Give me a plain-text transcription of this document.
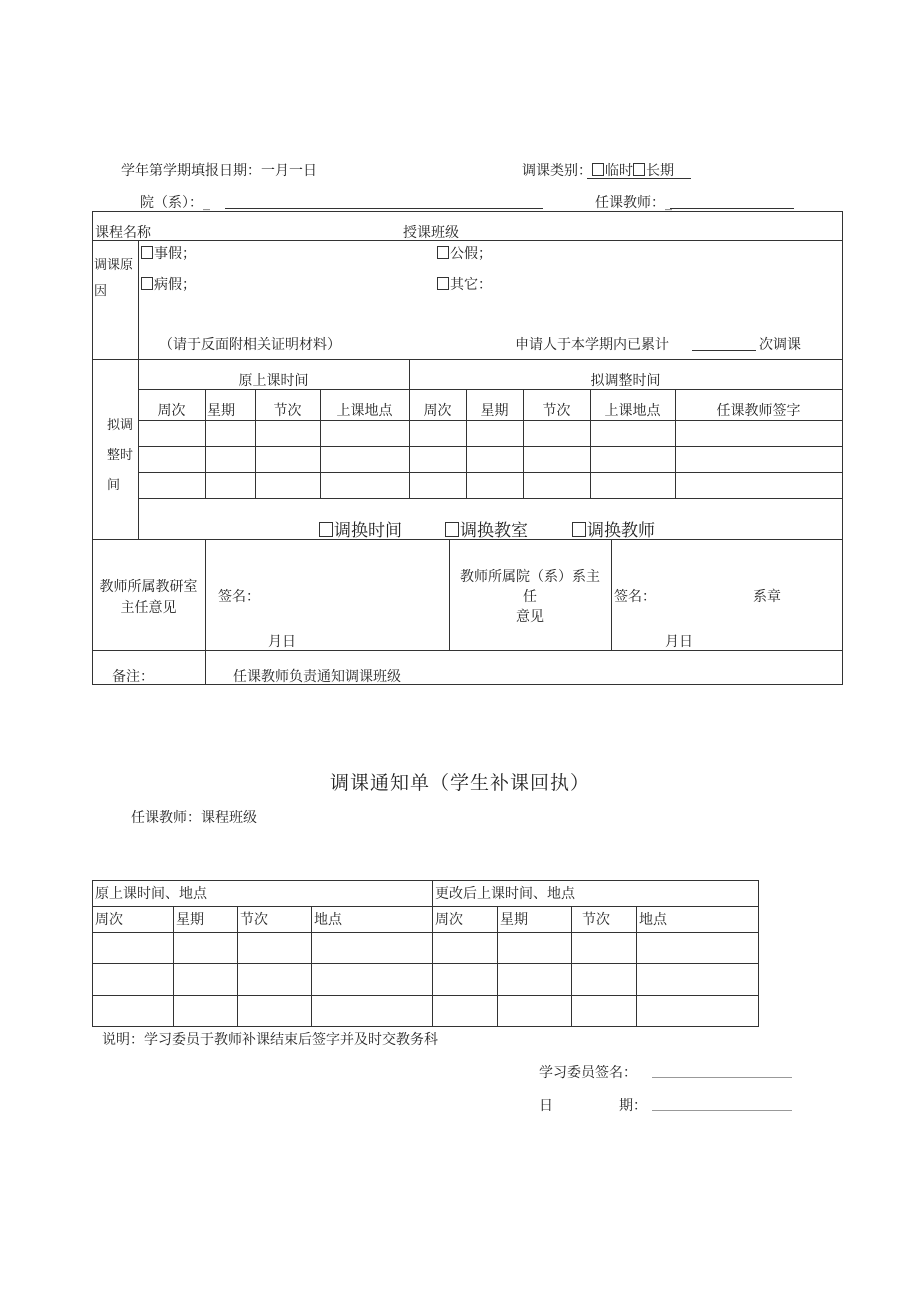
学年第学期填报日期：一月一日	调课类别： 临时 长期
院（系）：_	任课教师：_
课程名称	授课班级
调课原因
事假；	公假；
病假；	其它：
（请于反面附相关证明材料）	申请人于本学期内已累计	次调课
拟调
整时
间
原上课时间	拟调整时间
周次	星期	节次	上课地点	周次	星期	节次	上课地点	任课教师签字
调换时间	调换教室	调换教师
教师所属教研室
主任意见
签名：
月日
教师所属院（系）系主
任
意见
签名：	系章
月日
备注：	任课教师负责通知调课班级
调课通知单（学生补课回执）
任课教师：课程班级
原上课时间、地点	更改后上课时间、地点
周次	星期	节次	地点	周次	星期	节次 地点
说明：学习委员于教师补课结束后签字并及时交教务科
学习委员签名：
日	期：
